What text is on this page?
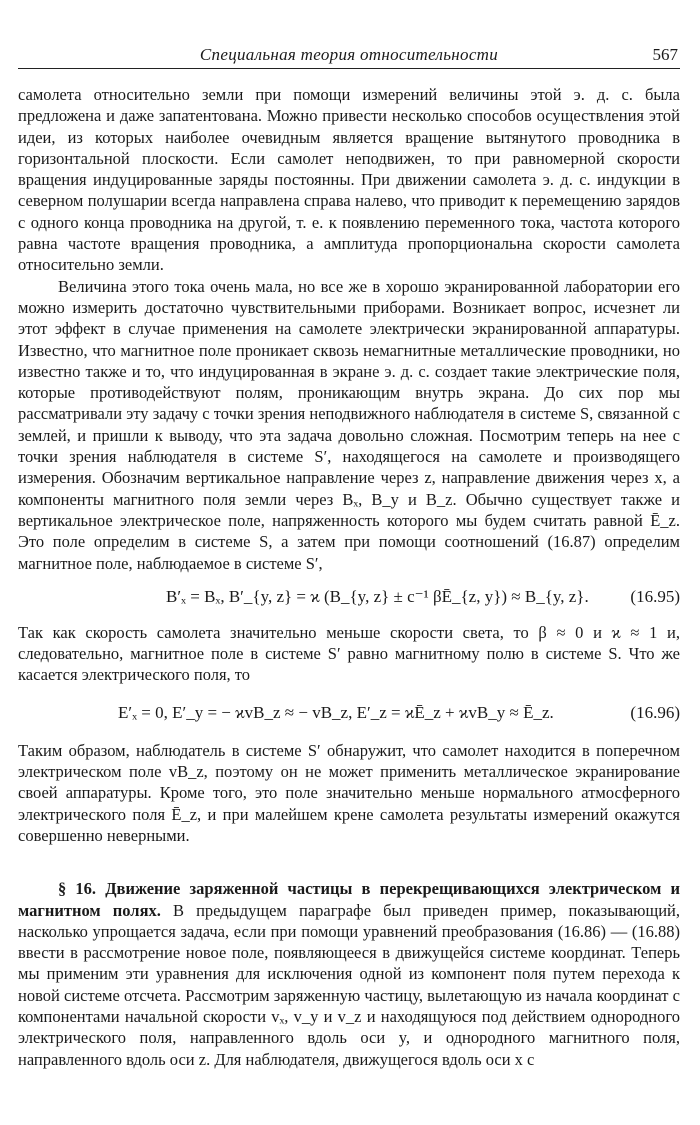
Специальная теория относительности	567

самолета относительно земли при помощи измерений величины этой э. д. с. была предложена и даже запатентована. Можно привести несколько способов осуществления этой идеи, из которых наиболее очевидным является вращение вытянутого проводника в горизонтальной плоскости. Если самолет неподвижен, то при равномерной скорости вращения индуцированные заряды постоянны. При движении самолета э. д. с. индукции в северном полушарии всегда направлена справа налево, что приводит к перемещению зарядов с одного конца проводника на другой, т. е. к появлению переменного тока, частота которого равна частоте вращения проводника, а амплитуда пропорциональна скорости самолета относительно земли.

Величина этого тока очень мала, но все же в хорошо экранированной лаборатории его можно измерить достаточно чувствительными приборами. Возникает вопрос, исчезнет ли этот эффект в случае применения на самолете электрически экранированной аппаратуры. Известно, что магнитное поле проникает сквозь немагнитные металлические проводники, но известно также и то, что индуцированная в экране э. д. с. создает такие электрические поля, которые противодействуют полям, проникающим внутрь экрана. До сих пор мы рассматривали эту задачу с точки зрения неподвижного наблюдателя в системе S, связанной с землей, и пришли к выводу, что эта задача довольно сложная. Посмотрим теперь на нее с точки зрения наблюдателя в системе S′, находящегося на самолете и производящего измерения. Обозначим вертикальное направление через z, направление движения через x, а компоненты магнитного поля земли через Bₓ, B_y и B_z. Обычно существует также и вертикальное электрическое поле, напряженность которого мы будем считать равной Ē_z. Это поле определим в системе S, а затем при помощи соотношений (16.87) определим магнитное поле, наблюдаемое в системе S′,

B′ₓ = Bₓ, B′_{y, z} = ϰ (B_{y, z} ± c⁻¹ βĒ_{z, y}) ≈ B_{y, z}. (16.95)

Так как скорость самолета значительно меньше скорости света, то β ≈ 0 и ϰ ≈ 1 и, следовательно, магнитное поле в системе S′ равно магнитному полю в системе S. Что же касается электрического поля, то

E′ₓ = 0, E′_y = − ϰvB_z ≈ − vB_z, E′_z = ϰĒ_z + ϰvB_y ≈ Ē_z.	(16.96)

Таким образом, наблюдатель в системе S′ обнаружит, что самолет находится в поперечном электрическом поле vB_z, поэтому он не может применить металлическое экранирование своей аппаратуры. Кроме того, это поле значительно меньше нормального атмосферного электрического поля Ē_z, и при малейшем крене самолета результаты измерений окажутся совершенно неверными.

§ 16. Движение заряженной частицы в перекрещивающихся электрическом и магнитном полях. В предыдущем параграфе был приведен пример, показывающий, насколько упрощается задача, если при помощи уравнений преобразования (16.86) — (16.88) ввести в рассмотрение новое поле, появляющееся в движущейся системе координат. Теперь мы применим эти уравнения для исключения одной из компонент поля путем перехода к новой системе отсчета. Рассмотрим заряженную частицу, вылетающую из начала координат с компонентами начальной скорости vₓ, v_y и v_z и находящуюся под действием однородного электрического поля, направленного вдоль оси y, и однородного магнитного поля, направленного вдоль оси z. Для наблюдателя, движущегося вдоль оси x с
